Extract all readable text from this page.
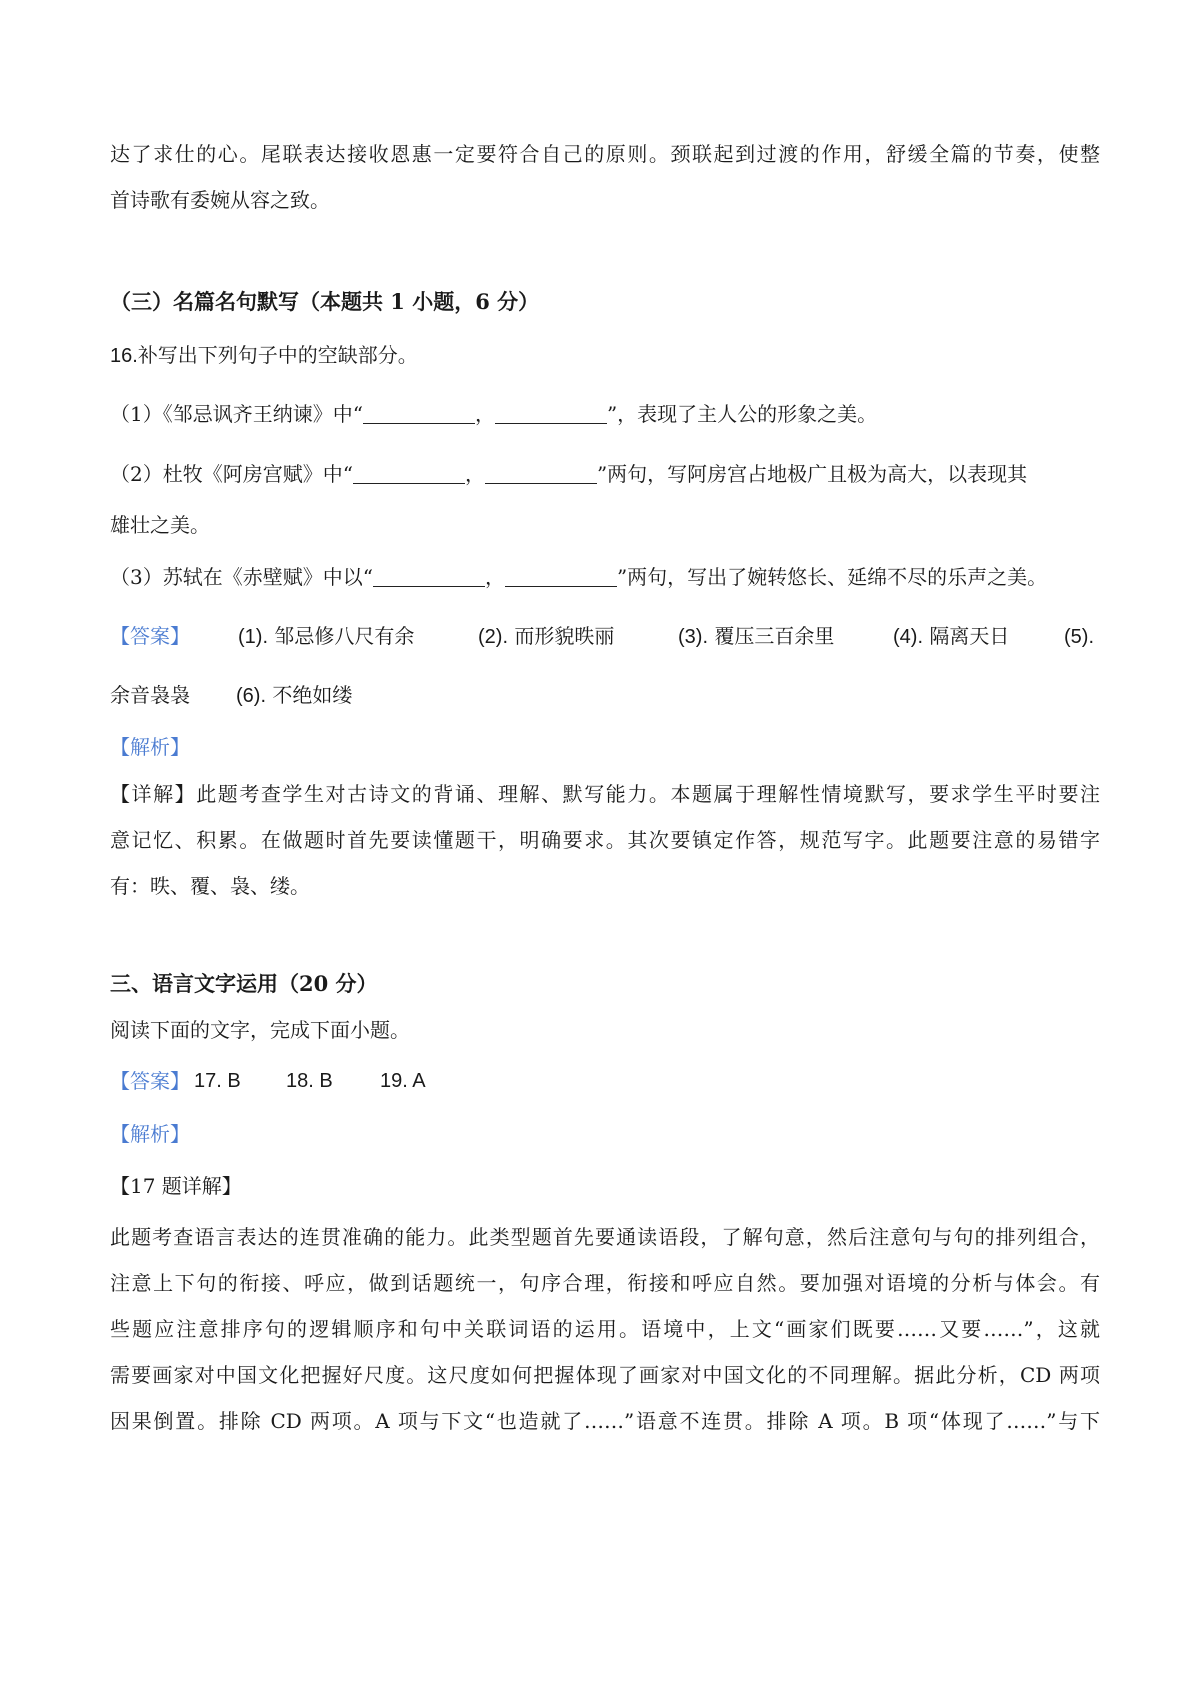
达了求仕的心。尾联表达接收恩惠一定要符合自己的原则。颈联起到过渡的作用，舒缓全篇的节奏，使整
首诗歌有委婉从容之致。
（三）名篇名句默写（本题共 1 小题，6 分）
16.补写出下列句子中的空缺部分。
（1）《邹忌讽齐王纳谏》中“	，	”，表现了主人公的形象之美。
（2）杜牧《阿房宫赋》中“	，	”两句，写阿房宫占地极广且极为高大，以表现其
雄壮之美。
（3）苏轼在《赤壁赋》中以“	，	”两句，写出了婉转悠长、延绵不尽的乐声之美。
【答案】 (1). 邹忌修八尺有余	(2). 而形貌昳丽	(3). 覆压三百余里	(4). 隔离天日	(5).
余音袅袅 (6). 不绝如缕
【解析】
【详解】此题考查学生对古诗文的背诵、理解、默写能力。本题属于理解性情境默写，要求学生平时要注
意记忆、积累。在做题时首先要读懂题干，明确要求。其次要镇定作答，规范写字。此题要注意的易错字
有：昳、覆、袅、缕。
三、语言文字运用（20 分）
阅读下面的文字，完成下面小题。
【答案】 17. B 18. B 19. A
【解析】
【17 题详解】
此题考查语言表达的连贯准确的能力。此类型题首先要通读语段，了解句意，然后注意句与句的排列组合，
注意上下句的衔接、呼应，做到话题统一，句序合理，衔接和呼应自然。要加强对语境的分析与体会。有
些题应注意排序句的逻辑顺序和句中关联词语的运用。语境中，上文“画家们既要……又要……”，这就
需要画家对中国文化把握好尺度。这尺度如何把握体现了画家对中国文化的不同理解。据此分析，CD 两项
因果倒置。排除 CD 两项。A 项与下文“也造就了……”语意不连贯。排除 A 项。B 项“体现了……”与下
